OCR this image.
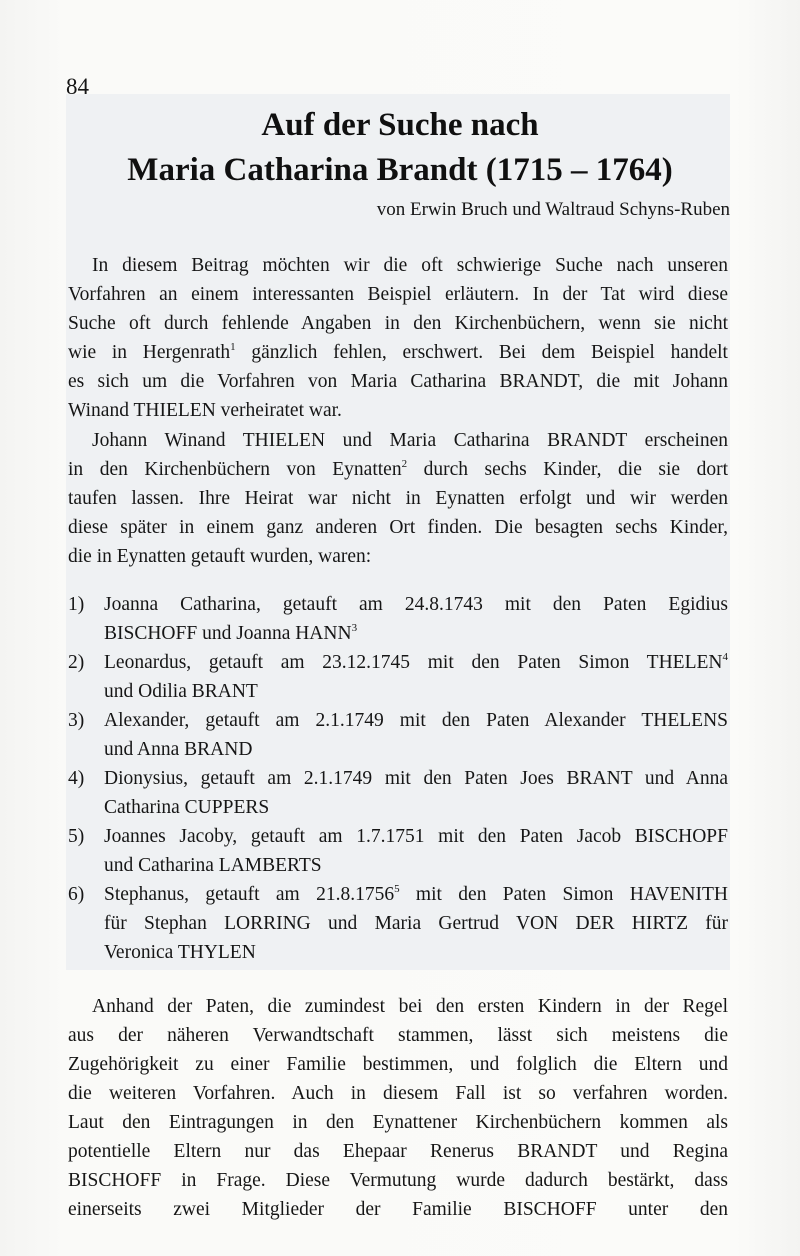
84
Auf der Suche nach
Maria Catharina Brandt (1715 – 1764)
von Erwin Bruch und Waltraud Schyns-Ruben
In diesem Beitrag möchten wir die oft schwierige Suche nach unseren
Vorfahren an einem interessanten Beispiel erläutern. In der Tat wird diese
Suche oft durch fehlende Angaben in den Kirchenbüchern, wenn sie nicht
wie in Hergenrath$^1$ gänzlich fehlen, erschwert. Bei dem Beispiel handelt
es sich um die Vorfahren von Maria Catharina BRANDT, die mit Johann
Winand THIELEN verheiratet war.
Johann Winand THIELEN und Maria Catharina BRANDT erscheinen
in den Kirchenbüchern von Eynatten$^2$ durch sechs Kinder, die sie dort
taufen lassen. Ihre Heirat war nicht in Eynatten erfolgt und wir werden
diese später in einem ganz anderen Ort finden. Die besagten sechs Kinder,
die in Eynatten getauft wurden, waren:
1)	Joanna Catharina, getauft am 24.8.1743 mit den Paten Egidius
BISCHOFF und Joanna HANN$^3$
2)	Leonardus, getauft am 23.12.1745 mit den Paten Simon THELEN$^4$
und Odilia BRANT
3)	Alexander, getauft am 2.1.1749 mit den Paten Alexander THELENS
und Anna BRAND
4)	Dionysius, getauft am 2.1.1749 mit den Paten Joes BRANT und Anna
Catharina CUPPERS
5)	Joannes Jacoby, getauft am 1.7.1751 mit den Paten Jacob BISCHOPF
und Catharina LAMBERTS
6)	Stephanus, getauft am 21.8.1756$^5$ mit den Paten Simon HAVENITH
für Stephan LORRING und Maria Gertrud VON DER HIRTZ für
Veronica THYLEN
Anhand der Paten, die zumindest bei den ersten Kindern in der Regel
aus der näheren Verwandtschaft stammen, lässt sich meistens die
Zugehörigkeit zu einer Familie bestimmen, und folglich die Eltern und
die weiteren Vorfahren. Auch in diesem Fall ist so verfahren worden.
Laut den Eintragungen in den Eynattener Kirchenbüchern kommen als
potentielle Eltern nur das Ehepaar Renerus BRANDT und Regina
BISCHOFF in Frage. Diese Vermutung wurde dadurch bestärkt, dass
einerseits zwei Mitglieder der Familie BISCHOFF unter den
